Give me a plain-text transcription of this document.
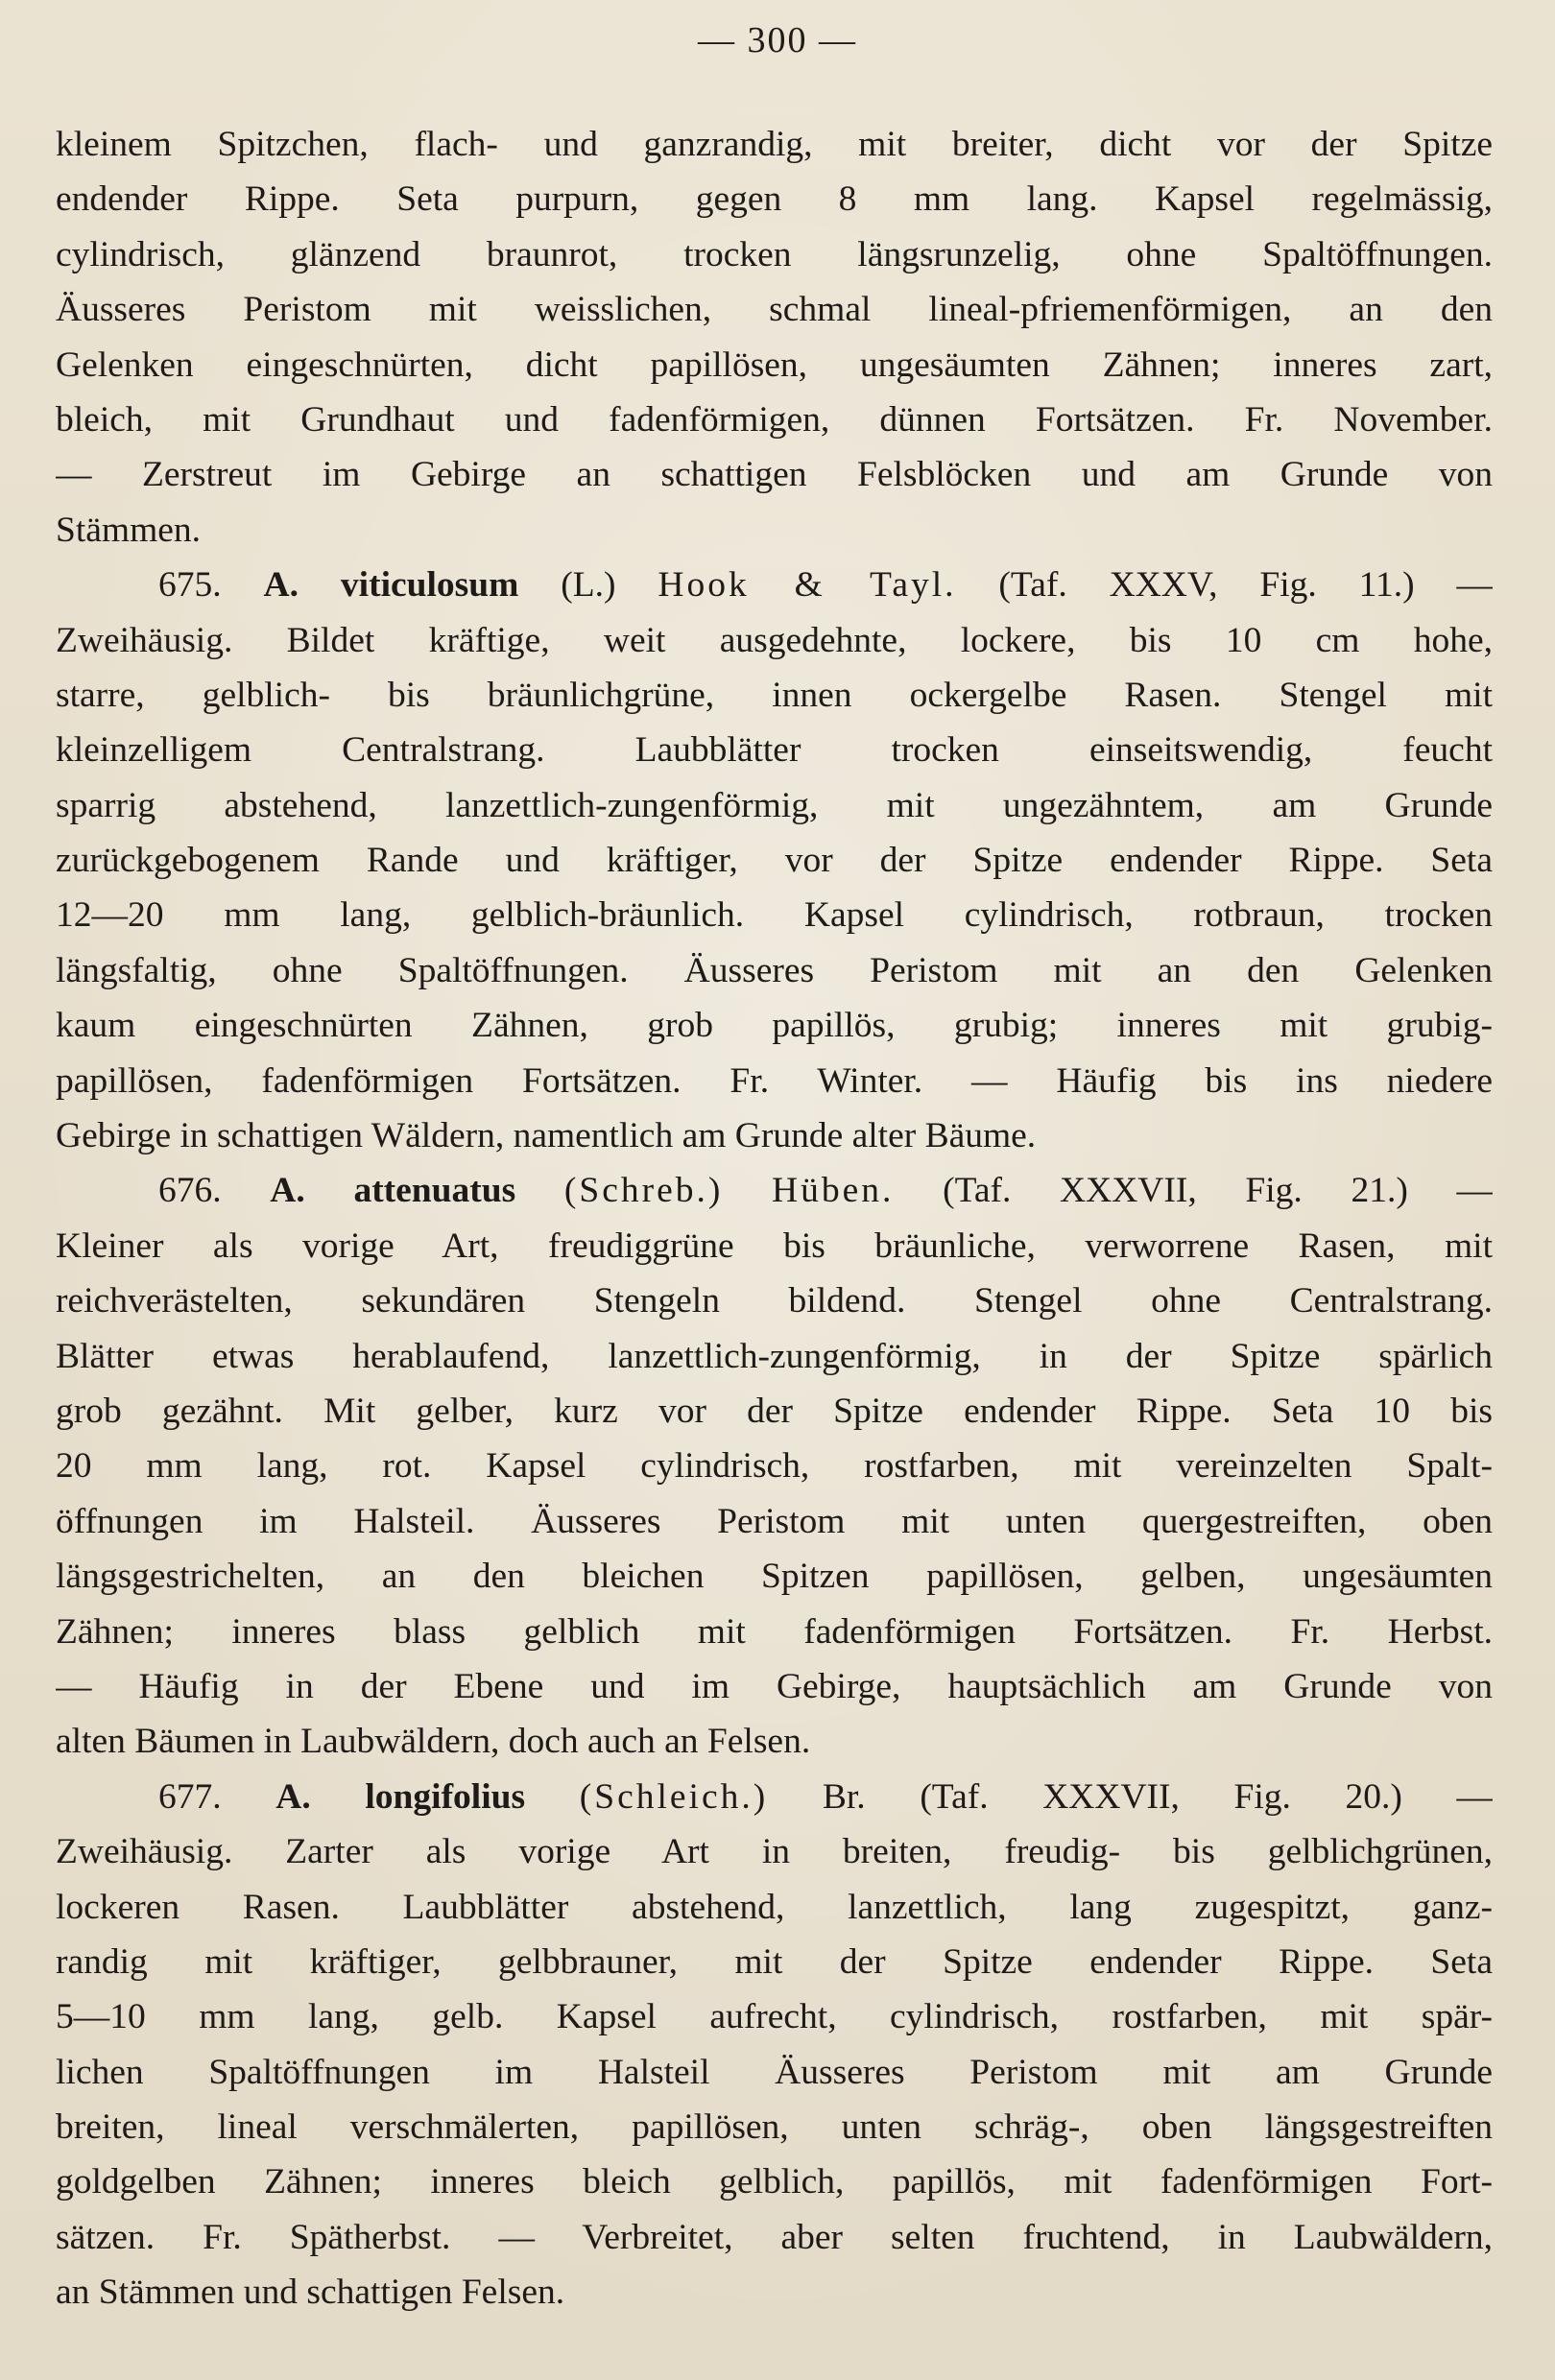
— 300 —
kleinem Spitzchen, flach- und ganzrandig, mit breiter, dicht vor der Spitze
endender Rippe. Seta purpurn, gegen 8 mm lang. Kapsel regelmässig,
cylindrisch, glänzend braunrot, trocken längsrunzelig, ohne Spaltöffnungen.
Äusseres Peristom mit weisslichen, schmal lineal-pfriemenförmigen, an den
Gelenken eingeschnürten, dicht papillösen, ungesäumten Zähnen; inneres zart,
bleich, mit Grundhaut und fadenförmigen, dünnen Fortsätzen. Fr. November.
— Zerstreut im Gebirge an schattigen Felsblöcken und am Grunde von
Stämmen.
675. A. viticulosum (L.) Hook & Tayl. (Taf. XXXV, Fig. 11.) —
Zweihäusig. Bildet kräftige, weit ausgedehnte, lockere, bis 10 cm hohe,
starre, gelblich- bis bräunlichgrüne, innen ockergelbe Rasen. Stengel mit
kleinzelligem Centralstrang. Laubblätter trocken einseitswendig, feucht
sparrig abstehend, lanzettlich-zungenförmig, mit ungezähntem, am Grunde
zurückgebogenem Rande und kräftiger, vor der Spitze endender Rippe. Seta
12—20 mm lang, gelblich-bräunlich. Kapsel cylindrisch, rotbraun, trocken
längsfaltig, ohne Spaltöffnungen. Äusseres Peristom mit an den Gelenken
kaum eingeschnürten Zähnen, grob papillös, grubig; inneres mit grubig-
papillösen, fadenförmigen Fortsätzen. Fr. Winter. — Häufig bis ins niedere
Gebirge in schattigen Wäldern, namentlich am Grunde alter Bäume.
676. A. attenuatus (Schreb.) Hüben. (Taf. XXXVII, Fig. 21.) —
Kleiner als vorige Art, freudiggrüne bis bräunliche, verworrene Rasen, mit
reichverästelten, sekundären Stengeln bildend. Stengel ohne Centralstrang.
Blätter etwas herablaufend, lanzettlich-zungenförmig, in der Spitze spärlich
grob gezähnt. Mit gelber, kurz vor der Spitze endender Rippe. Seta 10 bis
20 mm lang, rot. Kapsel cylindrisch, rostfarben, mit vereinzelten Spalt-
öffnungen im Halsteil. Äusseres Peristom mit unten quergestreiften, oben
längsgestrichelten, an den bleichen Spitzen papillösen, gelben, ungesäumten
Zähnen; inneres blass gelblich mit fadenförmigen Fortsätzen. Fr. Herbst.
— Häufig in der Ebene und im Gebirge, hauptsächlich am Grunde von
alten Bäumen in Laubwäldern, doch auch an Felsen.
677. A. longifolius (Schleich.) Br. (Taf. XXXVII, Fig. 20.) —
Zweihäusig. Zarter als vorige Art in breiten, freudig- bis gelblichgrünen,
lockeren Rasen. Laubblätter abstehend, lanzettlich, lang zugespitzt, ganz-
randig mit kräftiger, gelbbrauner, mit der Spitze endender Rippe. Seta
5—10 mm lang, gelb. Kapsel aufrecht, cylindrisch, rostfarben, mit spär-
lichen Spaltöffnungen im Halsteil Äusseres Peristom mit am Grunde
breiten, lineal verschmälerten, papillösen, unten schräg-, oben längsgestreiften
goldgelben Zähnen; inneres bleich gelblich, papillös, mit fadenförmigen Fort-
sätzen. Fr. Spätherbst. — Verbreitet, aber selten fruchtend, in Laubwäldern,
an Stämmen und schattigen Felsen.
